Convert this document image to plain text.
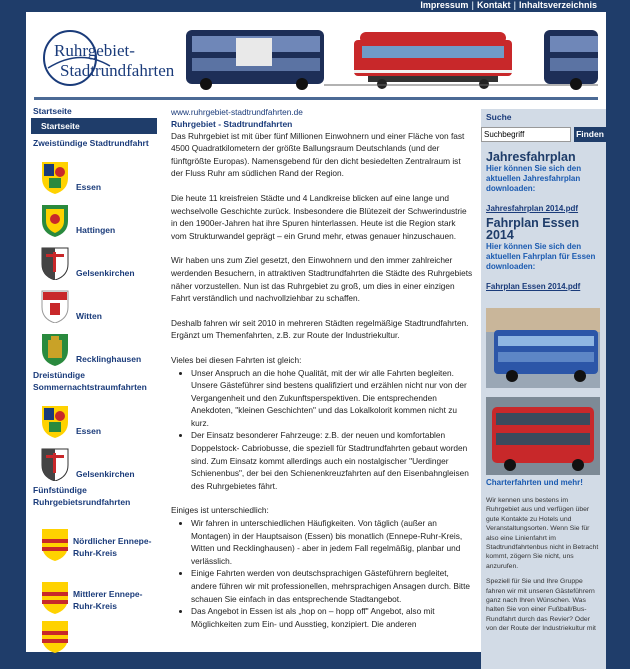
Impressum | Kontakt | Inhaltsverzeichnis
Ruhrgebiet-
Stadtrundfahrten
Startseite
Startseite
Zweistündige Stadtrundfahrt
Essen
Hattingen
Gelsenkirchen
Witten
Recklinghausen
Dreistündige Sommernachtstraumfahrten
Essen
Gelsenkirchen
Fünfstündige Ruhrgebietsrundfahrten
Nördlicher Ennepe-Ruhr-Kreis
Mittlerer Ennepe-Ruhr-Kreis
www.ruhrgebiet-stadtrundfahrten.de
Ruhrgebiet - Stadtrundfahrten

Das Ruhrgebiet ist mit über fünf Millionen Einwohnern und einer Fläche von fast 4500 Quadratkilometern der größte Ballungsraum Deutschlands (und der fünftgrößte Europas). Namensgebend für den dicht besiedelten Zentralraum ist der Fluss Ruhr am südlichen Rand der Region.

Die heute 11 kreisfreien Städte und 4 Landkreise blicken auf eine lange und wechselvolle Geschichte zurück. Insbesondere die Blütezeit der Schwerindustrie in den 1900er-Jahren hat ihre Spuren hinterlassen. Heute ist die Region stark vom Strukturwandel geprägt – ein Grund mehr, etwas genauer hinzuschauen.

Wir haben uns zum Ziel gesetzt, den Einwohnern und den immer zahlreicher werdenden Besuchern, in attraktiven Stadtrundfahrten die Städte des Ruhrgebiets näher vorzustellen. Nun ist das Ruhrgebiet zu groß, um dies in einer einzigen Fahrt verständlich und nachvollziehbar zu schaffen.

Deshalb fahren wir seit 2010 in mehreren Städten regelmäßige Stadtrundfahrten. Ergänzt um Themenfahrten, z.B. zur Route der Industriekultur.

Vieles bei diesen Fahrten ist gleich:
• Unser Anspruch an die hohe Qualität, mit der wir alle Fahrten begleiten. Unsere Gästeführer sind bestens qualifiziert und erzählen nicht nur von der Vergangenheit und den Zukunftsperspektiven. Die entsprechenden Anekdoten, "kleinen Geschichten" und das Lokalkolorit kommen nicht zu kurz.
• Der Einsatz besonderer Fahrzeuge: z.B. der neuen und komfortablen Doppelstock- Cabriobusse, die speziell für Stadtrundfahrten gebaut worden sind. Zum Einsatz kommt allerdings auch ein nostalgischer "Uerdinger Schienenbus", der bei den Schienenkreuzfahrten auf den Eisenbahngleisen des Ruhrgebietes fährt.
Einiges ist unterschiedlich:
• Wir fahren in unterschiedlichen Häufigkeiten. Von täglich (außer an Montagen) in der Hauptsaison (Essen) bis monatlich (Ennepe-Ruhr-Kreis, Witten und Recklinghausen) - aber in jedem Fall regelmäßig, planbar und verlässlich.
• Einige Fahrten werden von deutschsprachigen Gästeführern begleitet, andere führen wir mit professionellen, mehrsprachigen Ansagen durch. Bitte schauen Sie einfach in das entsprechende Stadtangebot.
• Das Angebot in Essen ist als „hop on – hopp off" Angebot, also mit Möglichkeiten zum Ein- und Ausstieg, konzipiert. Die anderen
Suche
Suchbegriff
Finden
Jahresfahrplan
Hier können Sie sich den aktuellen Jahresfahrplan downloaden:
Jahresfahrplan 2014.pdf
Fahrplan Essen 2014
Hier können Sie sich den aktuellen Fahrplan für Essen downloaden:
Fahrplan Essen 2014.pdf
Charterfahrten und mehr!
Wir kennen uns bestens im Ruhrgebiet aus und verfügen über gute Kontakte zu Hotels und Veranstaltungsorten. Wenn Sie für also eine Linienfahrt im Stadtrundfahrtenbus nicht in Betracht kommt, zögern Sie nicht, uns anzurufen.
Speziell für Sie und Ihre Gruppe fahren wir mit unseren Gästeführern ganz nach Ihren Wünschen. Was halten Sie von einer Fußball/Bus-Rundfahrt durch das Revier? Oder von der Route der Industriekultur mit
